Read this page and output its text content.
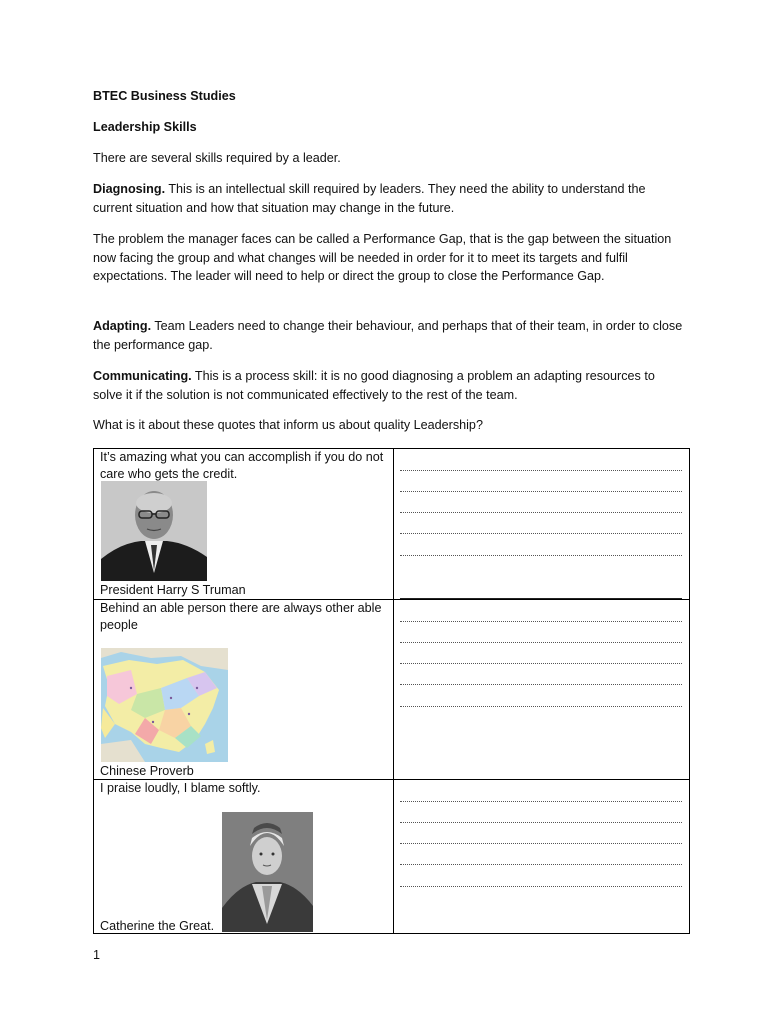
BTEC Business Studies

Leadership Skills

There are several skills required by a leader.

Diagnosing. This is an intellectual skill required by leaders. They need the ability to understand the current situation and how that situation may change in the future.

The problem the manager faces can be called a Performance Gap, that is the gap between the situation now facing the group and what changes will be needed in order for it to meet its targets and fulfil expectations. The leader will need to help or direct the group to close the Performance Gap.

Adapting. Team Leaders need to change their behaviour, and perhaps that of their team, in order to close the performance gap.

Communicating. This is a process skill: it is no good diagnosing a problem an adapting resources to solve it if the solution is not communicated effectively to the rest of the team.

What is it about these quotes that inform us about quality Leadership?

It’s amazing what you can accomplish if you do not care who gets the credit.

President Harry S Truman

Behind an able person there are always other able people

Chinese Proverb

I praise loudly, I blame softly.

Catherine the Great.

1
